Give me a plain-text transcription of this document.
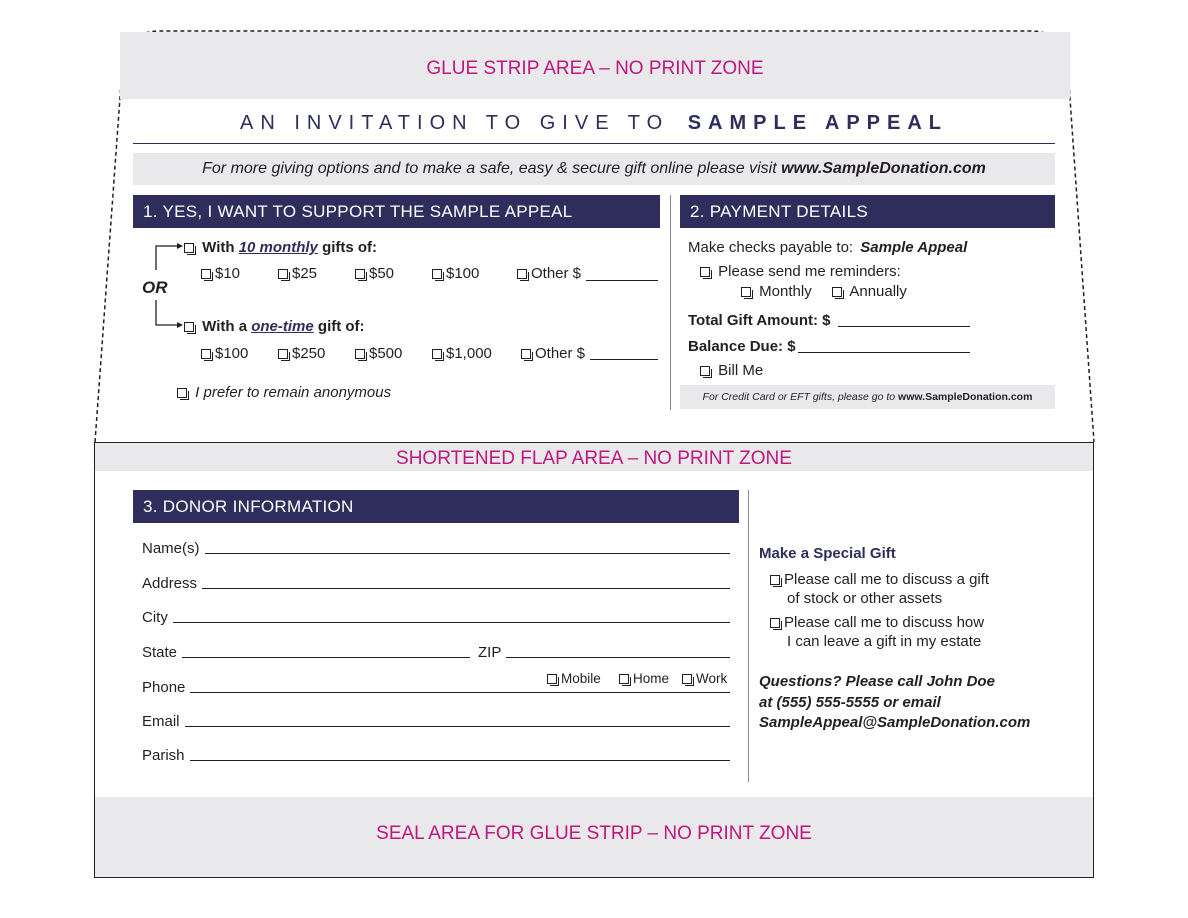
GLUE STRIP AREA – NO PRINT ZONE
AN INVITATION TO GIVE TO SAMPLE APPEAL
For more giving options and to make a safe, easy & secure gift online please visit
www.SampleDonation.com
1. YES, I WANT TO SUPPORT THE SAMPLE APPEAL
OR
With 10 monthly gifts of:
$10	$25	$50	$100	Other $
With a one-time gift of:
$100	$250	$500	$1,000	Other $
I prefer to remain anonymous
2. PAYMENT DETAILS
Make checks payable to: Sample Appeal
Please send me reminders:
Monthly	Annually
Total Gift Amount: $
Balance Due: $
Bill Me
For Credit Card or EFT gifts, please go to
www.SampleDonation.com
SHORTENED FLAP AREA – NO PRINT ZONE
3. DONOR INFORMATION
Name(s)
Address
City
State	ZIP
Phone
Mobile	Home	Work
Email
Parish
Make a Special Gift
Please call me to discuss a gift
of stock or other assets
Please call me to discuss how
I can leave a gift in my estate
Questions? Please call John Doe
at (555) 555-5555 or email
SampleAppeal@SampleDonation.com
SEAL AREA FOR GLUE STRIP – NO PRINT ZONE
